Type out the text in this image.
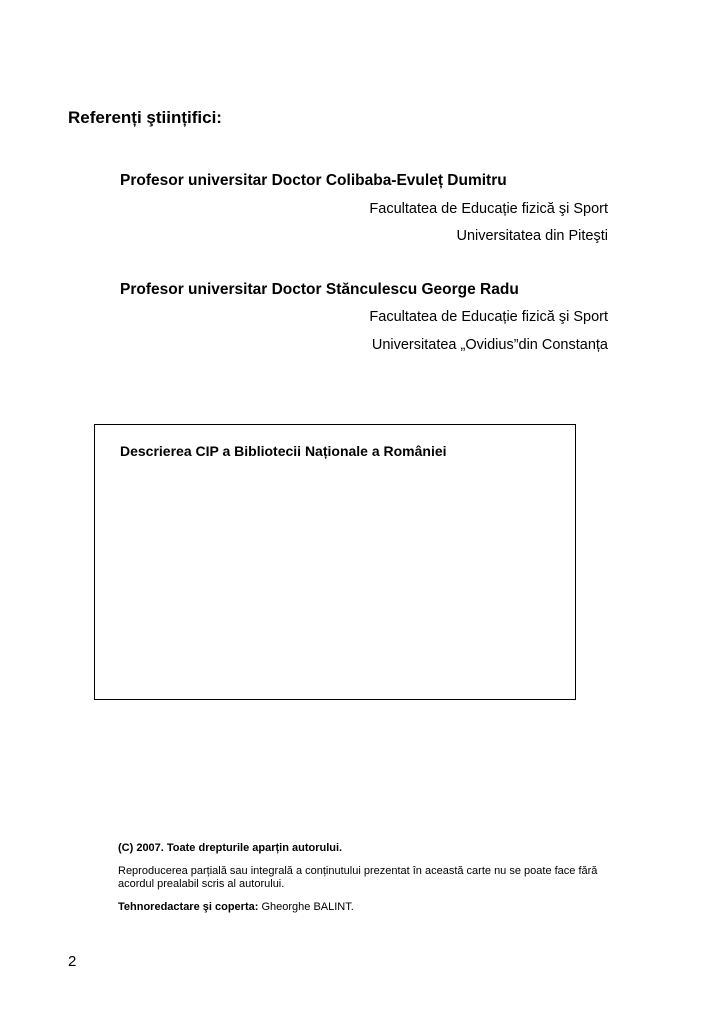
Referenți ştiințifici:
Profesor universitar Doctor Colibaba-Evuleț Dumitru
Facultatea de Educație fizică şi Sport
Universitatea din Piteşti
Profesor universitar Doctor Stănculescu George Radu
Facultatea de Educație fizică şi Sport
Universitatea „Ovidius”din Constanța
Descrierea CIP a Bibliotecii Naționale a României
(C) 2007. Toate drepturile aparțin autorului.
Reproducerea parțială sau integrală a conținutului prezentat în această carte nu se poate face fără acordul prealabil scris al autorului.
Tehnoredactare şi coperta: Gheorghe BALINT.
2
